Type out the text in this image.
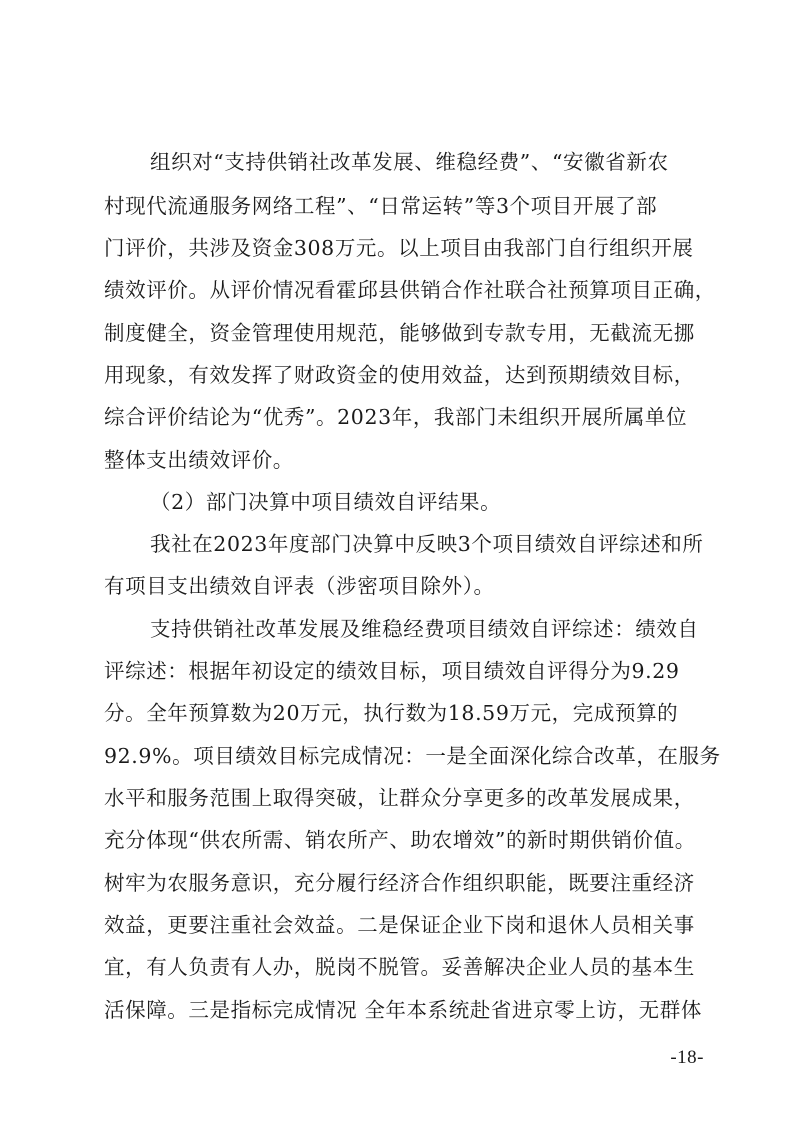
组织对“支持供销社改革发展、维稳经费”、“安徽省新农
村现代流通服务网络工程”、“日常运转”等3个项目开展了部
门评价，共涉及资金308万元。以上项目由我部门自行组织开展
绩效评价。从评价情况看霍邱县供销合作社联合社预算项目正确，
制度健全，资金管理使用规范，能够做到专款专用，无截流无挪
用现象，有效发挥了财政资金的使用效益，达到预期绩效目标，
综合评价结论为“优秀”。2023年，我部门未组织开展所属单位
整体支出绩效评价。
（2）部门决算中项目绩效自评结果。
我社在2023年度部门决算中反映3个项目绩效自评综述和所
有项目支出绩效自评表（涉密项目除外）。
支持供销社改革发展及维稳经费项目绩效自评综述：绩效自
评综述：根据年初设定的绩效目标，项目绩效自评得分为9.29
分。全年预算数为20万元，执行数为18.59万元，完成预算的
92.9%。项目绩效目标完成情况：一是全面深化综合改革，在服务
水平和服务范围上取得突破，让群众分享更多的改革发展成果，
充分体现“供农所需、销农所产、助农增效”的新时期供销价值。
树牢为农服务意识，充分履行经济合作组织职能，既要注重经济
效益，更要注重社会效益。二是保证企业下岗和退休人员相关事
宜，有人负责有人办，脱岗不脱管。妥善解决企业人员的基本生
活保障。三是指标完成情况 全年本系统赴省进京零上访，无群体
-18-
